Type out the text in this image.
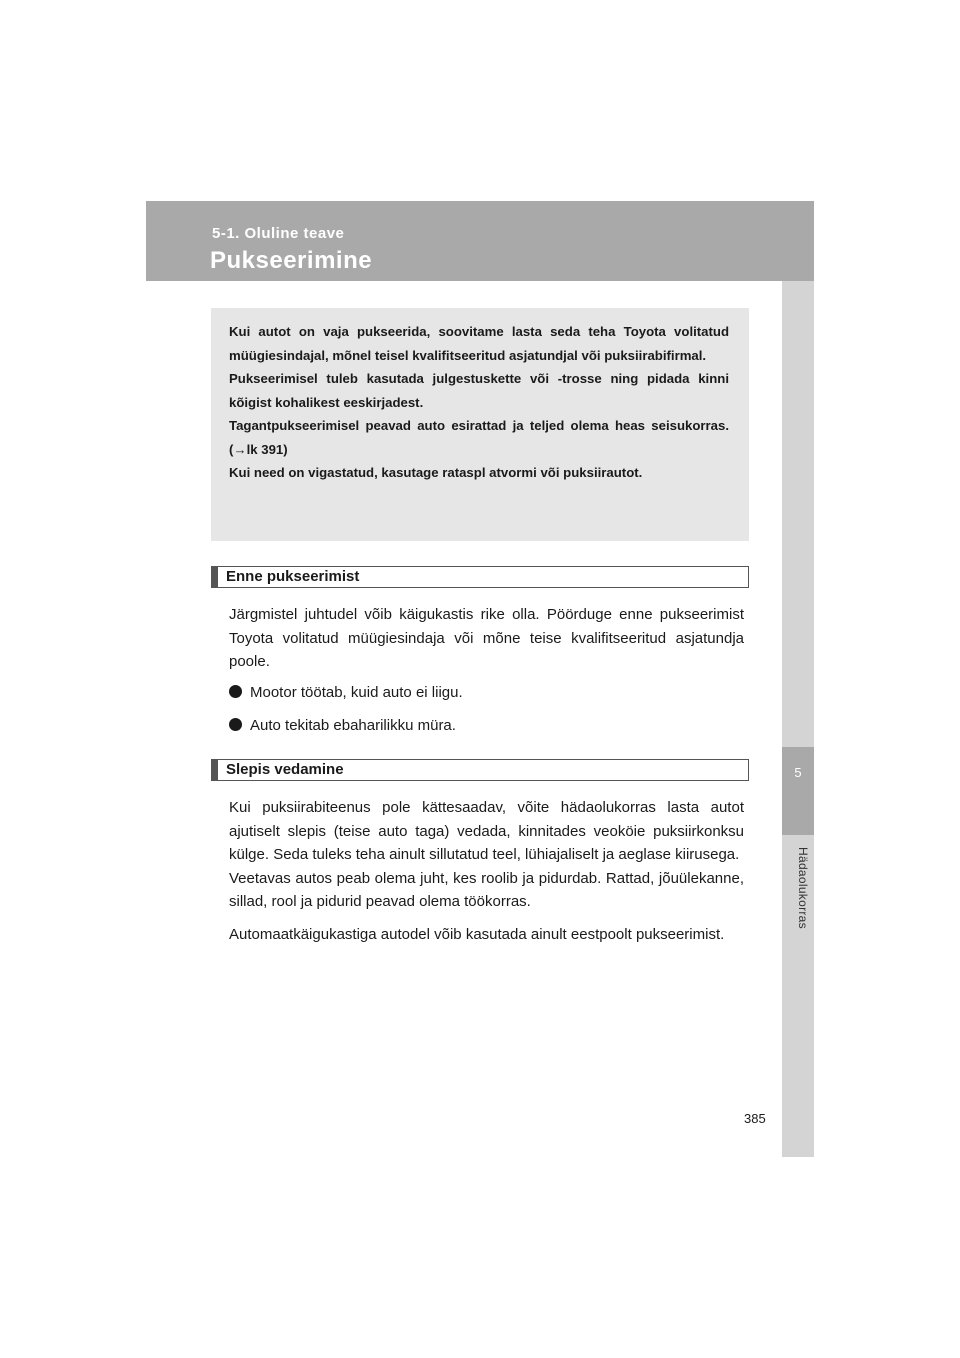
5-1. Oluline teave
Pukseerimine
5
Hädaolukorras

Kui autot on vaja pukseerida, soovitame lasta seda teha Toyota volitatud müügiesindajal, mõnel teisel kvalifitseeritud asjatundjal või puksiirabifirmal.

Pukseerimisel tuleb kasutada julgestuskette või -trosse ning pidada kinni kõigist kohalikest eeskirjadest.

Tagantpukseerimisel peavad auto esirattad ja teljed olema heas seisukorras. (→lk 391)

Kui need on vigastatud, kasutage rataspl atvormi või puksiirautot.

Enne pukseerimist

Järgmistel juhtudel võib käigukastis rike olla. Pöörduge enne pukseerimist Toyota volitatud müügiesindaja või mõne teise kvalifitseeritud asjatundja poole.

Mootor töötab, kuid auto ei liigu.
Auto tekitab ebaharilikku müra.
Slepis vedamine

Kui puksiirabiteenus pole kättesaadav, võite hädaolukorras lasta autot ajutiselt slepis (teise auto taga) vedada, kinnitades veoköie puksiirkonksu külge. Seda tuleks teha ainult sillutatud teel, lühiajaliselt ja aeglase kiirusega.

Veetavas autos peab olema juht, kes roolib ja pidurdab. Rattad, jõuülekanne, sillad, rool ja pidurid peavad olema töökorras.

Automaatkäigukastiga autodel võib kasutada ainult eestpoolt pukseerimist.

385
